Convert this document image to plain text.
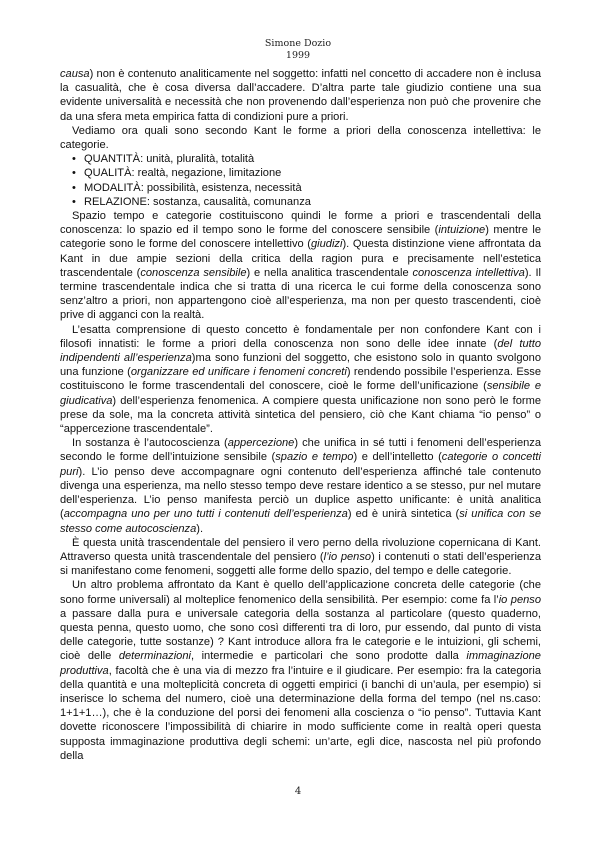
Simone Dozio
1999

causa) non è contenuto analiticamente nel soggetto: infatti nel concetto di accadere non è inclusa la casualità, che è cosa diversa dall’accadere. D’altra parte tale giudizio contiene una sua evidente universalità e necessità che non provenendo dall’esperienza non può che provenire che da una sfera meta empirica fatta di condizioni pure a priori.

Vediamo ora quali sono secondo Kant le forme a priori della conoscenza intellettiva: le categorie.

• QUANTITÀ: unità, pluralità, totalità
• QUALITÀ: realtà, negazione, limitazione
• MODALITÀ: possibilità, esistenza, necessità
• RELAZIONE: sostanza, causalità, comunanza

Spazio tempo e categorie costituiscono quindi le forme a priori e trascendentali della conoscenza: lo spazio ed il tempo sono le forme del conoscere sensibile (intuizione) mentre le categorie sono le forme del conoscere intellettivo (giudizi). Questa distinzione viene affrontata da Kant in due ampie sezioni della critica della ragion pura e precisamente nell’estetica trascendentale (conoscenza sensibile) e nella analitica trascendentale conoscenza intellettiva). Il termine trascendentale indica che si tratta di una ricerca le cui forme della conoscenza sono senz’altro a priori, non appartengono cioè all’esperienza, ma non per questo trascendenti, cioè prive di agganci con la realtà.

L’esatta comprensione di questo concetto è fondamentale per non confondere Kant con i filosofi innatisti: le forme a priori della conoscenza non sono delle idee innate (del tutto indipendenti all’esperienza)ma sono funzioni del soggetto, che esistono solo in quanto svolgono una funzione (organizzare ed unificare i fenomeni concreti) rendendo possibile l’esperienza. Esse costituiscono le forme trascendentali del conoscere, cioè le forme dell’unificazione (sensibile e giudicativa) dell’esperienza fenomenica. A compiere questa unificazione non sono però le forme prese da sole, ma la concreta attività sintetica del pensiero, ciò che Kant chiama “io penso” o “appercezione trascendentale”.

In sostanza è l’autocoscienza (appercezione) che unifica in sé tutti i fenomeni dell’esperienza secondo le forme dell’intuizione sensibile (spazio e tempo) e dell’intelletto (categorie o concetti puri). L’io penso deve accompagnare ogni contenuto dell’esperienza affinché tale contenuto divenga una esperienza, ma nello stesso tempo deve restare identico a se stesso, pur nel mutare dell’esperienza. L’io penso manifesta perciò un duplice aspetto unificante: è unità analitica (accompagna uno per uno tutti i contenuti dell’esperienza) ed è unirà sintetica (si unifica con se stesso come autocoscienza).

È questa unità trascendentale del pensiero il vero perno della rivoluzione copernicana di Kant. Attraverso questa unità trascendentale del pensiero (l’io penso) i contenuti o stati dell’esperienza si manifestano come fenomeni, soggetti alle forme dello spazio, del tempo e delle categorie.

Un altro problema affrontato da Kant è quello dell’applicazione concreta delle categorie (che sono forme universali) al molteplice fenomenico della sensibilità. Per esempio: come fa l’io penso a passare dalla pura e universale categoria della sostanza al particolare (questo quaderno, questa penna, questo uomo, che sono così differenti tra di loro, pur essendo, dal punto di vista delle categorie, tutte sostanze) ? Kant introduce allora fra le categorie e le intuizioni, gli schemi, cioè delle determinazioni, intermedie e particolari che sono prodotte dalla immaginazione produttiva, facoltà che è una via di mezzo fra l’intuire e il giudicare. Per esempio: fra la categoria della quantità e una molteplicità concreta di oggetti empirici (i banchi di un’aula, per esempio) si inserisce lo schema del numero, cioè una determinazione della forma del tempo (nel ns.caso: 1+1+1…), che è la conduzione del porsi dei fenomeni alla coscienza o “io penso”. Tuttavia Kant dovette riconoscere l’impossibilità di chiarire in modo sufficiente come in realtà operi questa supposta immaginazione produttiva degli schemi: un’arte, egli dice, nascosta nel più profondo della

4
